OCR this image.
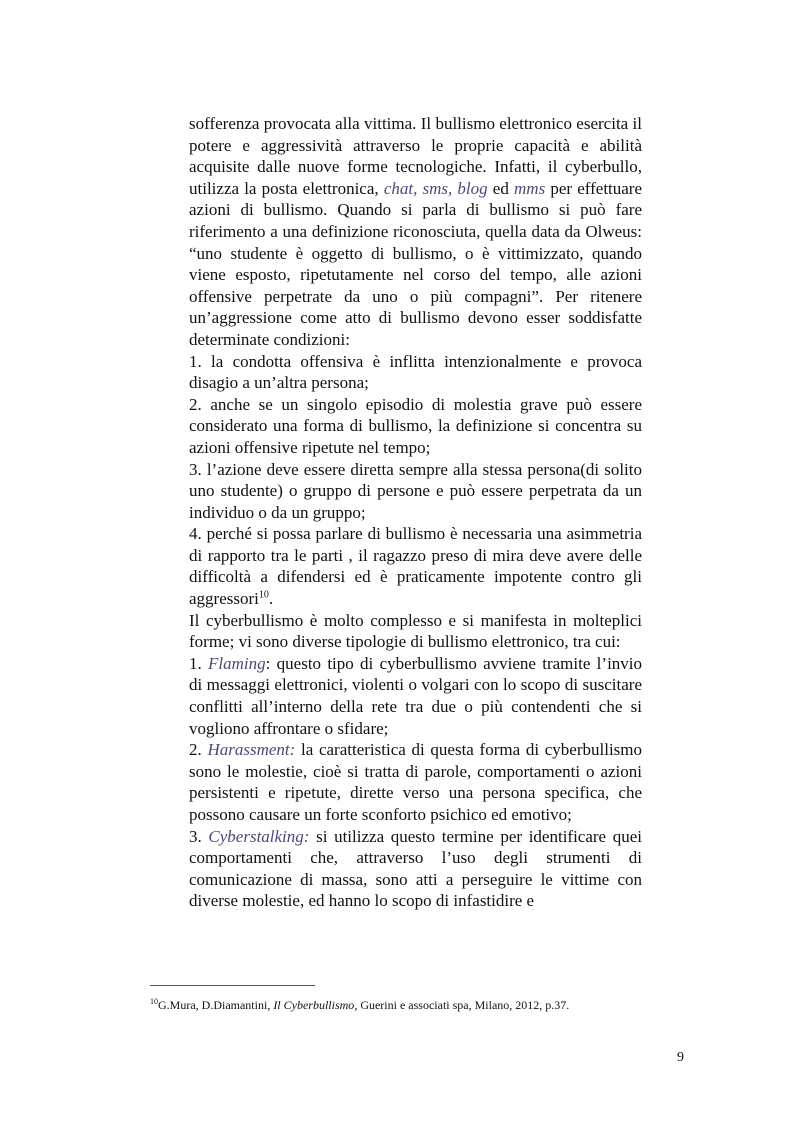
sofferenza provocata alla vittima. Il bullismo elettronico esercita il potere e aggressività attraverso le proprie capacità e abilità acquisite dalle nuove forme tecnologiche. Infatti, il cyberbullo, utilizza la posta elettronica, chat, sms, blog ed mms per effettuare azioni di bullismo. Quando si parla di bullismo si può fare riferimento a una definizione riconosciuta, quella data da Olweus: “uno studente è oggetto di bullismo, o è vittimizzato, quando viene esposto, ripetutamente nel corso del tempo, alle azioni offensive perpetrate da uno o più compagni”. Per ritenere un’aggressione come atto di bullismo devono esser soddisfatte determinate condizioni:

1. la condotta offensiva è inflitta intenzionalmente e provoca disagio a un’altra persona;

2. anche se un singolo episodio di molestia grave può essere considerato una forma di bullismo, la definizione si concentra su azioni offensive ripetute nel tempo;

3. l’azione deve essere diretta sempre alla stessa persona(di solito uno studente) o gruppo di persone e può essere perpetrata da un individuo o da un gruppo;

4. perché si possa parlare di bullismo è necessaria una asimmetria di rapporto tra le parti , il ragazzo preso di mira deve avere delle difficoltà a difendersi ed è praticamente impotente contro gli aggressori$^{10}$.

Il cyberbullismo è molto complesso e si manifesta in molteplici forme; vi sono diverse tipologie di bullismo elettronico, tra cui:

1. Flaming: questo tipo di cyberbullismo avviene tramite l’invio di messaggi elettronici, violenti o volgari con lo scopo di suscitare conflitti all’interno della rete tra due o più contendenti che si vogliono affrontare o sfidare;

2. Harassment: la caratteristica di questa forma di cyberbullismo sono le molestie, cioè si tratta di parole, comportamenti o azioni persistenti e ripetute, dirette verso una persona specifica, che possono causare un forte sconforto psichico ed emotivo;

3. Cyberstalking: si utilizza questo termine per identificare quei comportamenti che, attraverso l’uso degli strumenti di comunicazione di massa, sono atti a perseguire le vittime con diverse molestie, ed hanno lo scopo di infastidire e

$^{10}$G.Mura, D.Diamantini, Il Cyberbullismo, Guerini e associati spa, Milano, 2012, p.37.
9
